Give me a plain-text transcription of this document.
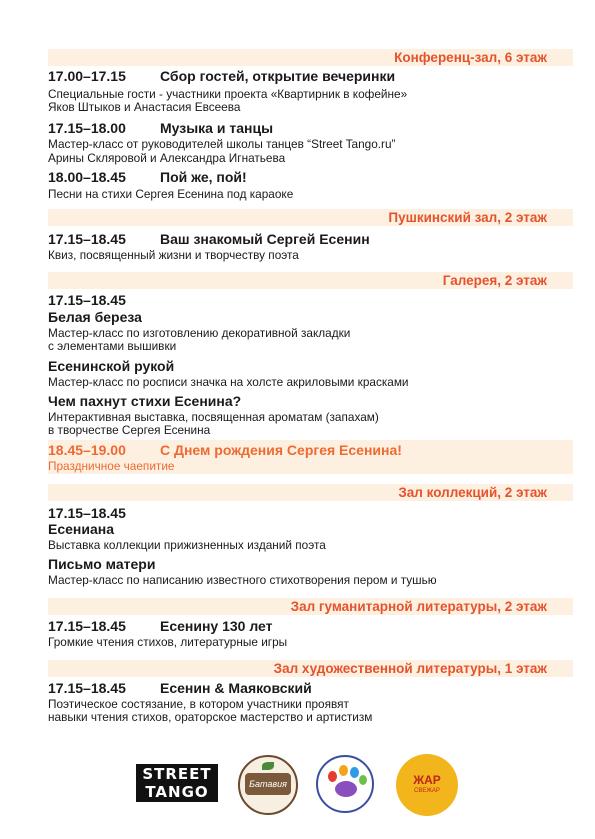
Конференц-зал, 6 этаж
17.00–17.15 Сбор гостей, открытие вечеринки
Специальные гости - участники проекта «Квартирник в кофейне»
Яков Штыков и Анастасия Евсеева
17.15–18.00 Музыка и танцы
Мастер-класс от руководителей школы танцев “Street Tango.ru”
Арины Скляровой и Александра Игнатьева
18.00–18.45 Пой же, пой!
Песни на стихи Сергея Есенина под караоке
Пушкинский зал, 2 этаж
17.15–18.45 Ваш знакомый Сергей Есенин
Квиз, посвященный жизни и творчеству поэта
Галерея, 2 этаж
17.15–18.45
Белая береза
Мастер-класс по изготовлению декоративной закладки
с элементами вышивки
Есенинской рукой
Мастер-класс по росписи значка на холсте акриловыми красками
Чем пахнут стихи Есенина?
Интерактивная выставка, посвященная ароматам (запахам)
в творчестве Сергея Есенина
18.45–19.00 С Днем рождения Сергея Есенина!
Праздничное чаепитие
Зал коллекций, 2 этаж
17.15–18.45
Есениана
Выставка коллекции прижизненных изданий поэта
Письмо матери
Мастер-класс по написанию известного стихотворения пером и тушью
Зал гуманитарной литературы, 2 этаж
17.15–18.45 Есенину 130 лет
Громкие чтения стихов, литературные игры
Зал художественной литературы, 1 этаж
17.15–18.45 Есенин & Маяковский
Поэтическое состязание, в котором участники проявят
навыки чтения стихов, ораторское мастерство и артистизм
STREET TANGO	Батавия	ЖАР
СВЕЖАР
